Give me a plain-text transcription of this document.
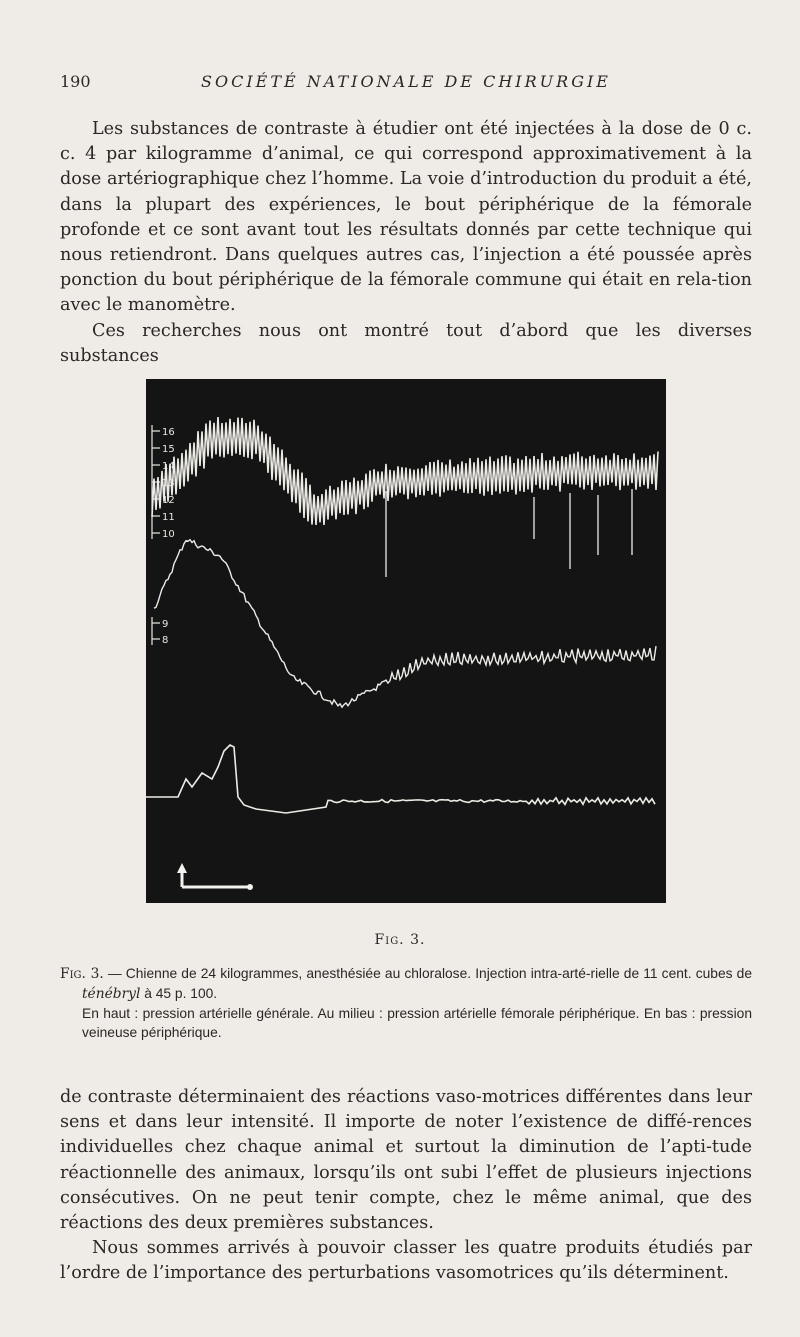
190	SOCIÉTÉ NATIONALE DE CHIRURGIE

Les substances de contraste à étudier ont été injectées à la dose de 0 c. c. 4 par kilogramme d’animal, ce qui correspond approximativement à la dose artériographique chez l’homme. La voie d’introduction du produit a été, dans la plupart des expériences, le bout périphérique de la fémorale profonde et ce sont avant tout les résultats donnés par cette technique qui nous retiendront. Dans quelques autres cas, l’injection a été poussée après ponction du bout périphérique de la fémorale commune qui était en rela-tion avec le manomètre.

Ces recherches nous ont montré tout d’abord que les diverses substances

16
15
14
13
12
11
10
9
8
Fig. 3.

Fig. 3. — Chienne de 24 kilogrammes, anesthésiée au chloralose. Injection intra-arté-rielle de 11 cent. cubes de ténébryl à 45 p. 100.

En haut : pression artérielle générale. Au milieu : pression artérielle fémorale périphérique. En bas : pression veineuse périphérique.

de contraste déterminaient des réactions vaso-motrices différentes dans leur sens et dans leur intensité. Il importe de noter l’existence de diffé-rences individuelles chez chaque animal et surtout la diminution de l’apti-tude réactionnelle des animaux, lorsqu’ils ont subi l’effet de plusieurs injections consécutives. On ne peut tenir compte, chez le même animal, que des réactions des deux premières substances.

Nous sommes arrivés à pouvoir classer les quatre produits étudiés par l’ordre de l’importance des perturbations vasomotrices qu’ils déterminent.
